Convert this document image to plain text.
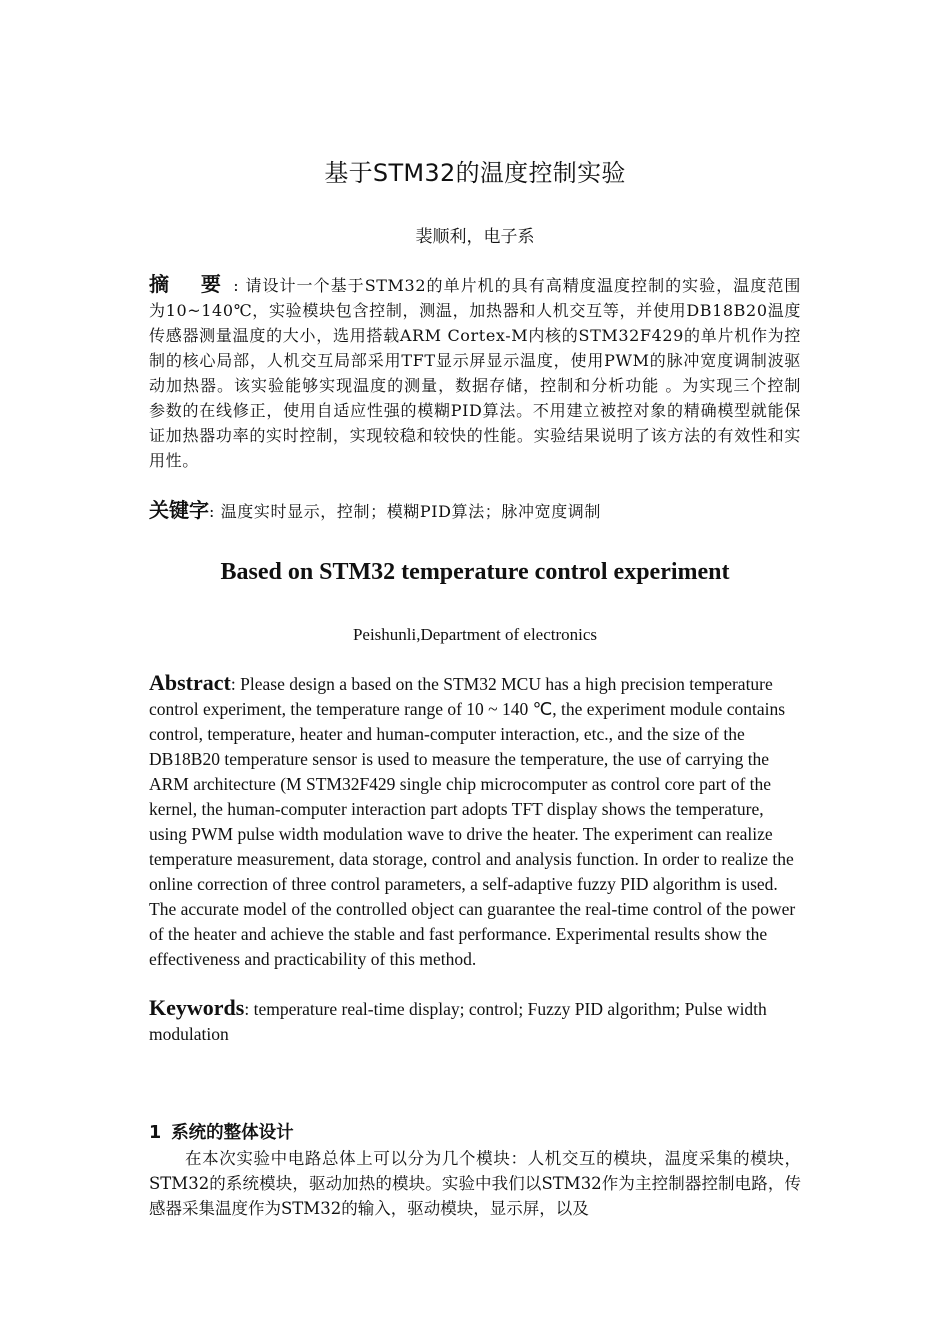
基于STM32的温度控制实验
裴顺利，电子系
摘 要: 请设计一个基于STM32的单片机的具有高精度温度控制的实验，温度范围为10~140℃，实验模块包含控制，测温，加热器和人机交互等，并使用DB18B20温度传感器测量温度的大小，选用搭载ARM Cortex-M内核的STM32F429的单片机作为控制的核心局部，人机交互局部采用TFT显示屏显示温度，使用PWM的脉冲宽度调制波驱动加热器。该实验能够实现温度的测量，数据存储，控制和分析功能 。为实现三个控制参数的在线修正，使用自适应性强的模糊PID算法。不用建立被控对象的精确模型就能保证加热器功率的实时控制，实现较稳和较快的性能。实验结果说明了该方法的有效性和实用性。
关键字: 温度实时显示，控制；模糊PID算法；脉冲宽度调制
Based on STM32 temperature control experiment
Peishunli,Department of electronics
Abstract: Please design a based on the STM32 MCU has a high precision temperature control experiment, the temperature range of 10 ~ 140 ℃, the experiment module contains control, temperature, heater and human-computer interaction, etc., and the size of the DB18B20 temperature sensor is used to measure the temperature, the use of carrying the ARM architecture (M STM32F429 single chip microcomputer as control core part of the kernel, the human-computer interaction part adopts TFT display shows the temperature, using PWM pulse width modulation wave to drive the heater. The experiment can realize temperature measurement, data storage, control and analysis function. In order to realize the online correction of three control parameters, a self-adaptive fuzzy PID algorithm is used. The accurate model of the controlled object can guarantee the real-time control of the power of the heater and achieve the stable and fast performance. Experimental results show the effectiveness and practicability of this method.
Keywords: temperature real-time display; control; Fuzzy PID algorithm; Pulse width modulation
1 系统的整体设计
在本次实验中电路总体上可以分为几个模块：人机交互的模块，温度采集的模块，STM32的系统模块，驱动加热的模块。实验中我们以STM32作为主控制器控制电路，传感器采集温度作为STM32的输入，驱动模块，显示屏，以及
